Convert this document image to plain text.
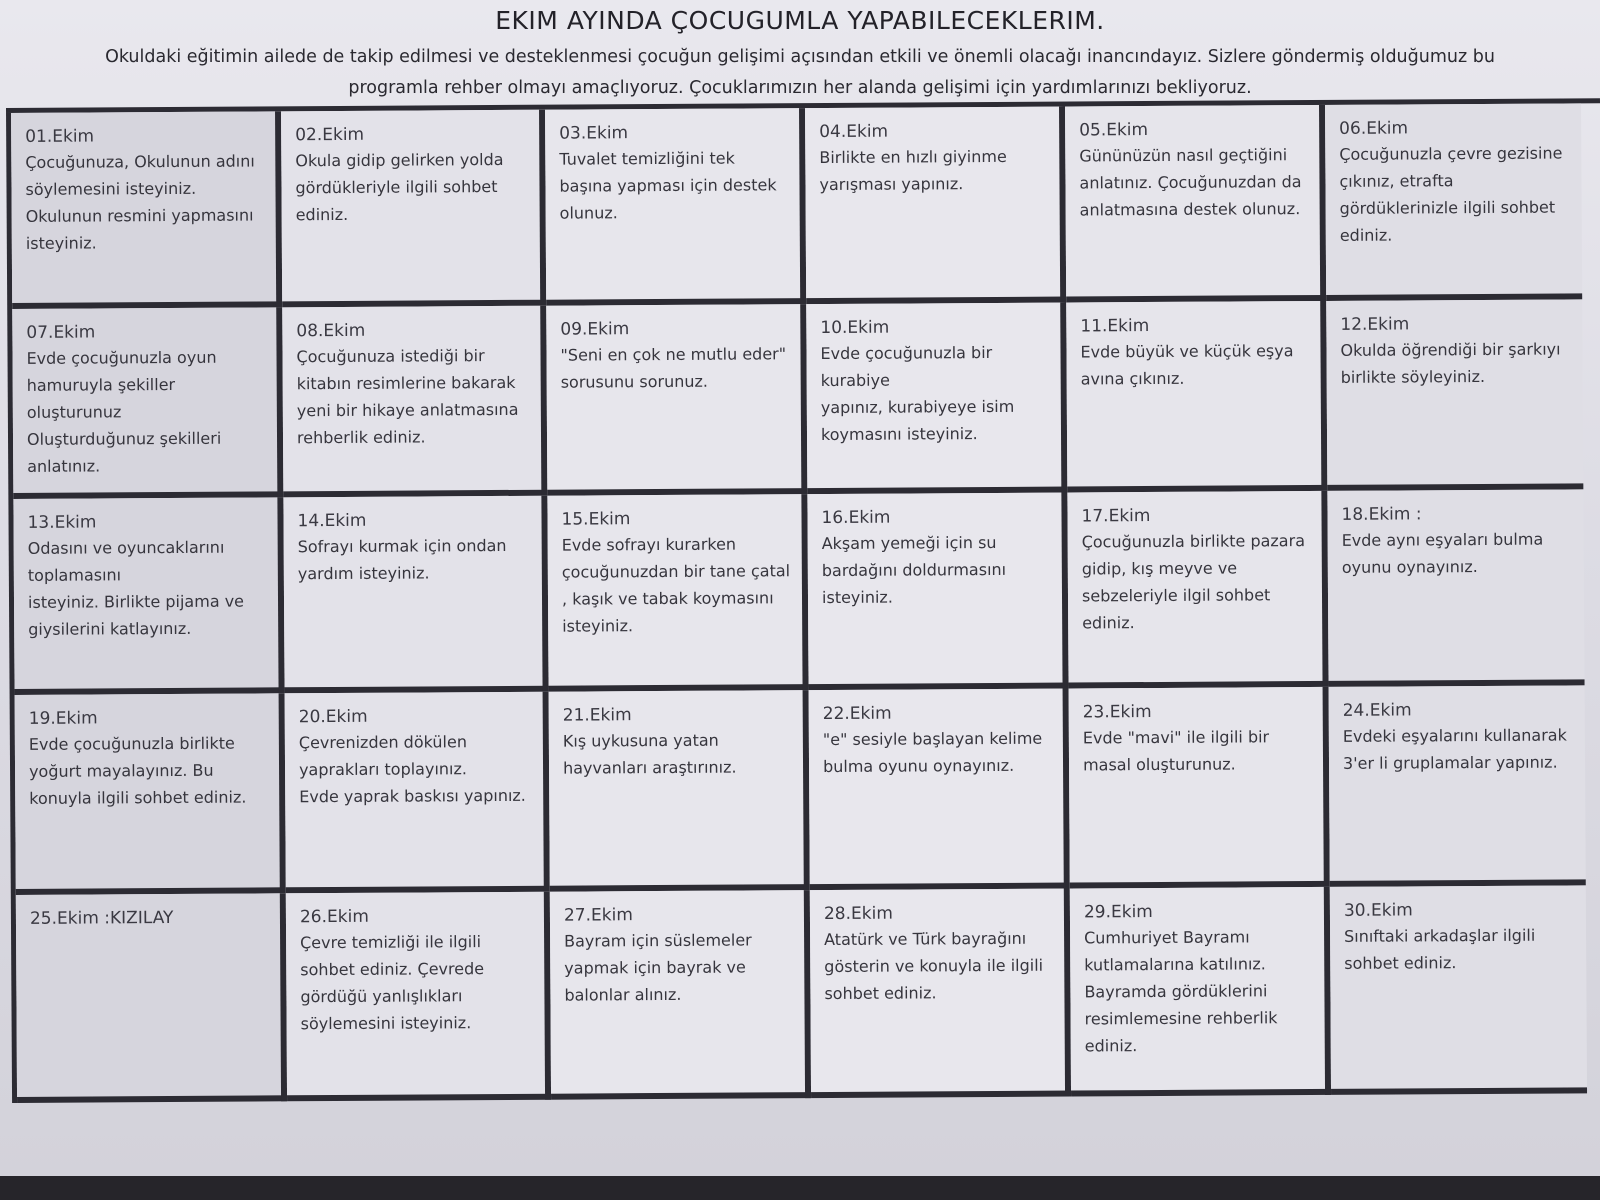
EKIM AYINDA ÇOCUGUMLA YAPABILECEKLERIM.

Okuldaki eğitimin ailede de takip edilmesi ve desteklenmesi çocuğun gelişimi açısından etkili ve önemli olacağı inancındayız. Sizlere göndermiş olduğumuz bu programla rehber olmayı amaçlıyoruz. Çocuklarımızın her alanda gelişimi için yardımlarınızı bekliyoruz.

01.Ekim
Çocuğunuza, Okulunun adını söylemesini isteyiniz.
Okulunun resmini yapmasını isteyiniz.
02.Ekim
Okula gidip gelirken yolda gördükleriyle ilgili sohbet ediniz.
03.Ekim
Tuvalet temizliğini tek başına yapması için destek olunuz.
04.Ekim
Birlikte en hızlı giyinme yarışması yapınız.
05.Ekim
Gününüzün nasıl geçtiğini anlatınız. Çocuğunuzdan da anlatmasına destek olunuz.
06.Ekim
Çocuğunuzla çevre gezisine çıkınız, etrafta gördüklerinizle ilgili sohbet ediniz.
07.Ekim
Evde çocuğunuzla oyun hamuruyla şekiller oluşturunuz
Oluşturduğunuz şekilleri anlatınız.
08.Ekim
Çocuğunuza istediği bir kitabın resimlerine bakarak yeni bir hikaye anlatmasına
rehberlik ediniz.
09.Ekim
"Seni en çok ne mutlu eder" sorusunu sorunuz.
10.Ekim
Evde çocuğunuzla bir kurabiye
yapınız, kurabiyeye isim koymasını isteyiniz.
11.Ekim
Evde büyük ve küçük eşya avına çıkınız.
12.Ekim
Okulda öğrendiği bir şarkıyı birlikte söyleyiniz.
13.Ekim
Odasını ve oyuncaklarını toplamasını
isteyiniz. Birlikte pijama ve giysilerini katlayınız.
14.Ekim
Sofrayı kurmak için ondan yardım isteyiniz.
15.Ekim
Evde sofrayı kurarken çocuğunuzdan bir tane çatal , kaşık ve tabak koymasını isteyiniz.
16.Ekim
Akşam yemeği için su bardağını doldurmasını isteyiniz.
17.Ekim
Çocuğunuzla birlikte pazara
gidip, kış meyve ve sebzeleriyle ilgil sohbet ediniz.
18.Ekim :
Evde aynı eşyaları bulma oyunu oynayınız.
19.Ekim
Evde çocuğunuzla birlikte yoğurt mayalayınız. Bu konuyla ilgili sohbet ediniz.
20.Ekim
Çevrenizden dökülen yaprakları toplayınız.
Evde yaprak baskısı yapınız.
21.Ekim
Kış uykusuna yatan hayvanları araştırınız.
22.Ekim
"e" sesiyle başlayan kelime bulma oyunu oynayınız.
23.Ekim
Evde "mavi" ile ilgili bir masal oluşturunuz.
24.Ekim
Evdeki eşyalarını kullanarak 3'er li gruplamalar yapınız.
25.Ekim :KIZILAY	26.Ekim
Çevre temizliği ile ilgili sohbet ediniz. Çevrede gördüğü yanlışlıkları söylemesini isteyiniz.
27.Ekim
Bayram için süslemeler yapmak için bayrak ve balonlar alınız.
28.Ekim
Atatürk ve Türk bayrağını gösterin ve konuyla ile ilgili sohbet ediniz.
29.Ekim
Cumhuriyet Bayramı kutlamalarına katılınız.
Bayramda gördüklerini resimlemesine rehberlik ediniz.
30.Ekim
Sınıftaki arkadaşlar ilgili sohbet ediniz.
